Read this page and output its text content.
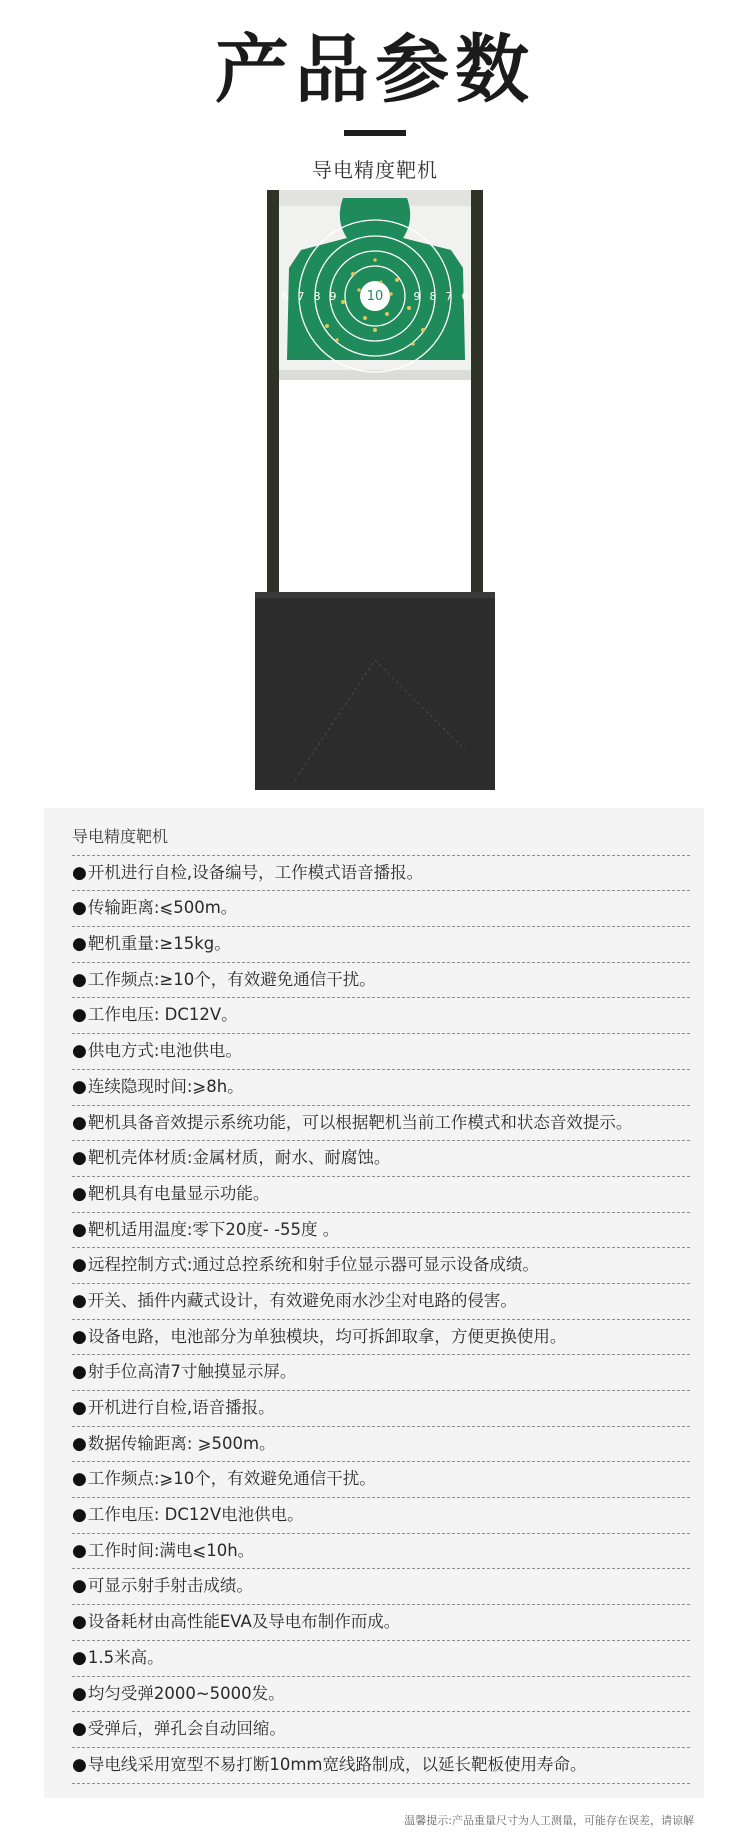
产品参数
导电精度靶机
6 7 8 9 10	9 8 7 6
导电精度靶机
●开机进行自检,设备编号，工作模式语音播报。
●传输距离:⩽500m。
●靶机重量:≥15kg。
●工作频点:≥10个，有效避免通信干扰。
●工作电压: DC12V。
●供电方式:电池供电。
●连续隐现时间:⩾8h。
●靶机具备音效提示系统功能，可以根据靶机当前工作模式和状态音效提示。
●靶机壳体材质:金属材质，耐水、耐腐蚀。
●靶机具有电量显示功能。
●靶机适用温度:零下20度- -55度 。
●远程控制方式:通过总控系统和射手位显示器可显示设备成绩。
●开关、插件内藏式设计，有效避免雨水沙尘对电路的侵害。
●设备电路，电池部分为单独模块，均可拆卸取拿，方便更换使用。
●射手位高清7寸触摸显示屏。
●开机进行自检,语音播报。
●数据传输距离: ⩾500m。
●工作频点:⩾10个，有效避免通信干扰。
●工作电压: DC12V电池供电。
●工作时间:满电⩽10h。
●可显示射手射击成绩。
●设备耗材由高性能EVA及导电布制作而成。
●1.5米高。
●均匀受弹2000~5000发。
●受弹后，弹孔会自动回缩。
●导电线采用宽型不易打断10mm宽线路制成，以延长靶板使用寿命。
温馨提示:产品重量尺寸为人工测量，可能存在误差，请谅解
